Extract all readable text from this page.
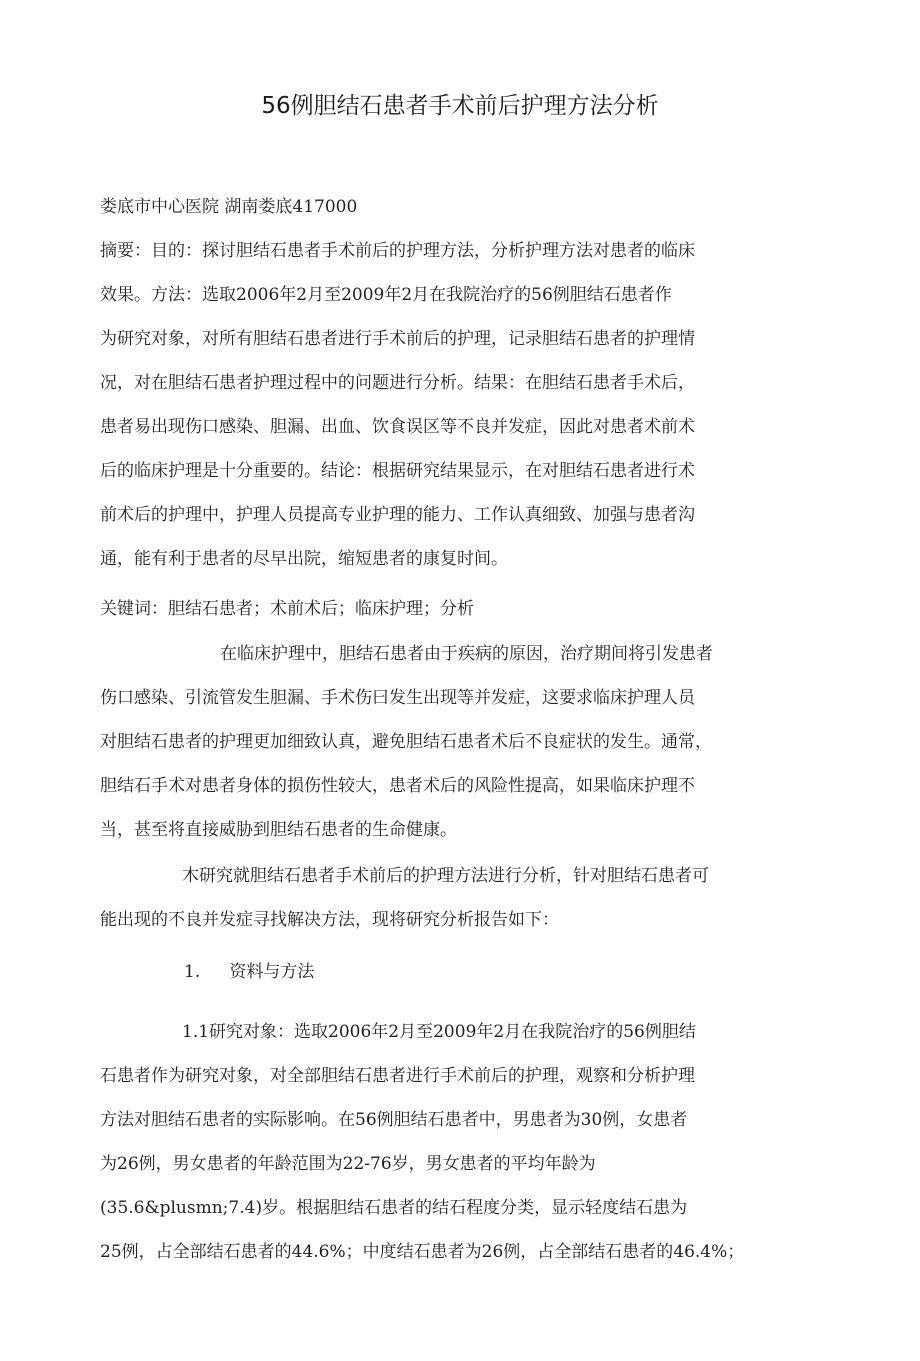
56例胆结石患者手术前后护理方法分析
娄底市中心医院 湖南娄底417000
摘要：目的：探讨胆结石患者手术前后的护理方法，分析护理方法对患者的临床
效果。方法：选取2006年2月至2009年2月在我院治疗的56例胆结石患者作
为研究对象，对所有胆结石患者进行手术前后的护理，记录胆结石患者的护理情
况，对在胆结石患者护理过程中的问题进行分析。结果：在胆结石患者手术后，
患者易出现伤口感染、胆漏、出血、饮食误区等不良并发症，因此对患者术前术
后的临床护理是十分重要的。结论：根据研究结果显示，在对胆结石患者进行术
前术后的护理中，护理人员提高专业护理的能力、工作认真细致、加强与患者沟
通，能有利于患者的尽早出院，缩短患者的康复时间。
关键词：胆结石患者；术前术后；临床护理；分析
在临床护理中，胆结石患者由于疾病的原因，治疗期间将引发患者
伤口感染、引流管发生胆漏、手术伤曰发生出现等并发症，这要求临床护理人员
对胆结石患者的护理更加细致认真，避免胆结石患者术后不良症状的发生。通常，
胆结石手术对患者身体的损伤性较大，患者术后的风险性提高，如果临床护理不
当，甚至将直接威胁到胆结石患者的生命健康。
木研究就胆结石患者手术前后的护理方法进行分析，针对胆结石患者可
能出现的不良并发症寻找解决方法，现将研究分析报告如下：
1. 资料与方法
1.1研究对象：选取2006年2月至2009年2月在我院治疗的56例胆结
石患者作为研究对象，对全部胆结石患者进行手术前后的护理，观察和分析护理
方法对胆结石患者的实际影响。在56例胆结石患者中，男患者为30例，女患者
为26例，男女患者的年龄范围为22-76岁，男女患者的平均年龄为
(35.6&plusmn;7.4)岁。根据胆结石患者的结石程度分类，显示轻度结石患为
25例，占全部结石患者的44.6%；中度结石患者为26例，占全部结石患者的46.4%；
